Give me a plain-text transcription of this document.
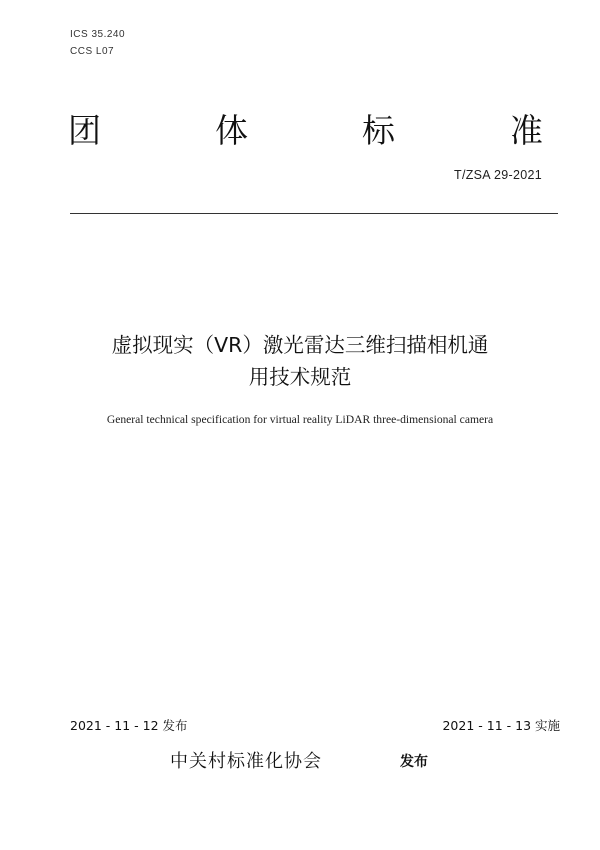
ICS 35.240

CCS L07

团	体	标	准

T/ZSA 29-2021

虚拟现实（VR）激光雷达三维扫描相机通

用技术规范

General technical specification for virtual reality LiDAR three-dimensional camera

2021 - 11 - 12 发布	2021 - 11 - 13 实施

中关村标准化协会	发布
